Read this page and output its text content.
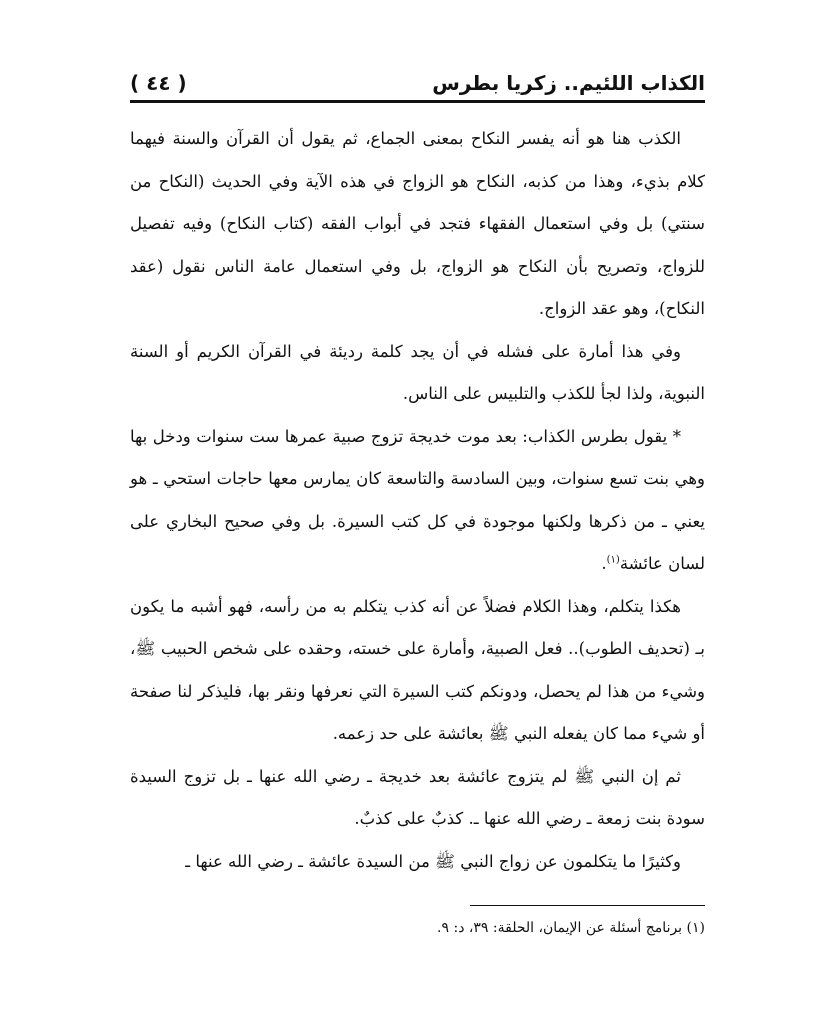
الكذاب اللئيم.. زكريا بطرس
( ٤٤ )

الكذب هنا هو أنه يفسر النكاح بمعنى الجماع، ثم يقول أن القرآن والسنة فيهما كلام بذيء، وهذا من كذبه، النكاح هو الزواج في هذه الآية وفي الحديث (النكاح من سنتي) بل وفي استعمال الفقهاء فتجد في أبواب الفقه (كتاب النكاح) وفيه تفصيل للزواج، وتصريح بأن النكاح هو الزواج، بل وفي استعمال عامة الناس نقول (عقد النكاح)، وهو عقد الزواج.

وفي هذا أمارة على فشله في أن يجد كلمة رديئة في القرآن الكريم أو السنة النبوية، ولذا لجأ للكذب والتلبيس على الناس.

* يقول بطرس الكذاب: بعد موت خديجة تزوج صبية عمرها ست سنوات ودخل بها وهي بنت تسع سنوات، وبين السادسة والتاسعة كان يمارس معها حاجات استحي ـ هو يعني ـ من ذكرها ولكنها موجودة في كل كتب السيرة. بل وفي صحيح البخاري على لسان عائشة$^{(١)}$.

هكذا يتكلم، وهذا الكلام فضلاً عن أنه كذب يتكلم به من رأسه، فهو أشبه ما يكون بـ (تحديف الطوب).. فعل الصبية، وأمارة على خسته، وحقده على شخص الحبيب ﷺ، وشيء من هذا لم يحصل، ودونكم كتب السيرة التي نعرفها ونقر بها، فليذكر لنا صفحة أو شيء مما كان يفعله النبي ﷺ بعائشة على حد زعمه.

ثم إن النبي ﷺ لم يتزوج عائشة بعد خديجة ـ رضي الله عنها ـ بل تزوج السيدة سودة بنت زمعة ـ رضي الله عنها ـ. كذبٌ على كذبٌ.

وكثيرًا ما يتكلمون عن زواج النبي ﷺ من السيدة عائشة ـ رضي الله عنها ـ

(١) برنامج أسئلة عن الإيمان، الحلقة: ٣٩، د: ٩.
